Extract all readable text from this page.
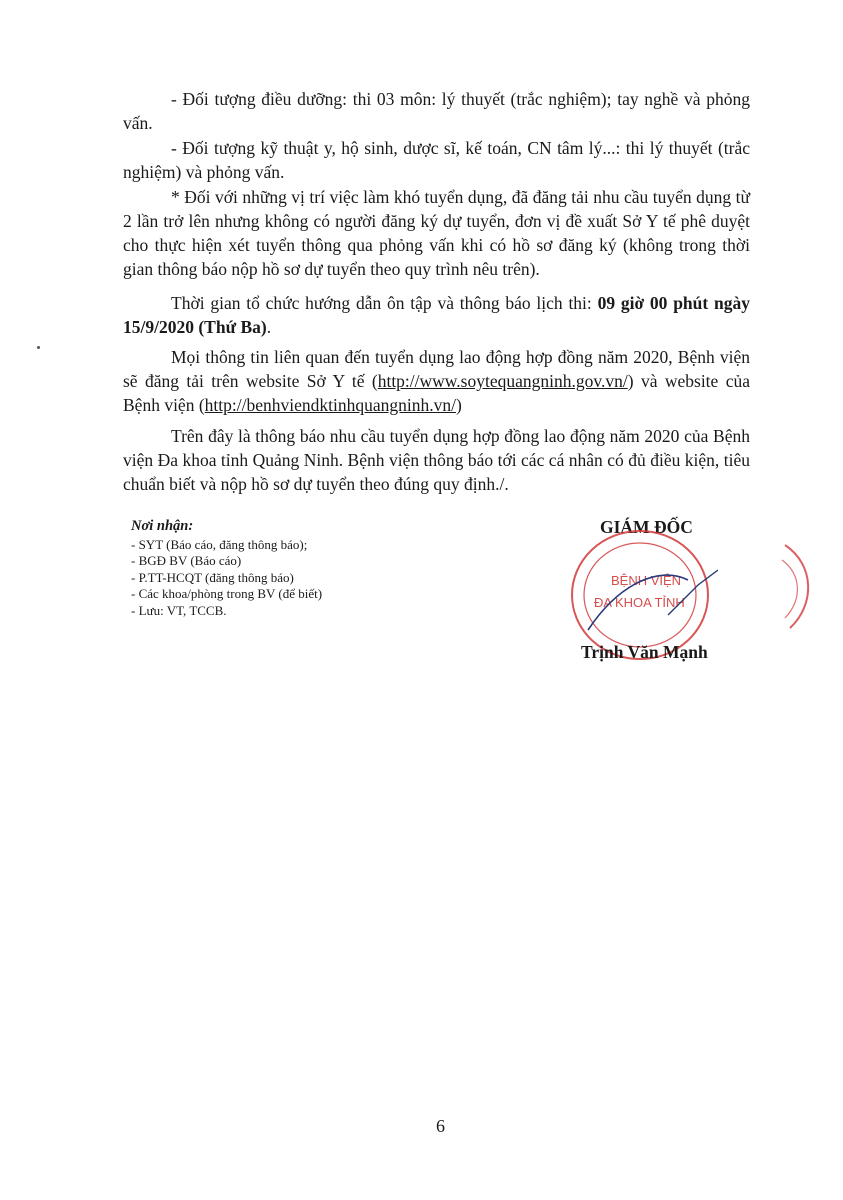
- Đối tượng điều dưỡng: thi 03 môn: lý thuyết (trắc nghiệm); tay nghề và phỏng vấn.

- Đối tượng kỹ thuật y, hộ sinh, dược sĩ, kế toán, CN tâm lý...: thi lý thuyết (trắc nghiệm) và phỏng vấn.

* Đối với những vị trí việc làm khó tuyển dụng, đã đăng tải nhu cầu tuyển dụng từ 2 lần trở lên nhưng không có người đăng ký dự tuyển, đơn vị đề xuất Sở Y tế phê duyệt cho thực hiện xét tuyển thông qua phỏng vấn khi có hồ sơ đăng ký (không trong thời gian thông báo nộp hồ sơ dự tuyển theo quy trình nêu trên).

Thời gian tổ chức hướng dẫn ôn tập và thông báo lịch thi: 09 giờ 00 phút ngày 15/9/2020 (Thứ Ba).

Mọi thông tin liên quan đến tuyển dụng lao động hợp đồng năm 2020, Bệnh viện sẽ đăng tải trên website Sở Y tế (http://www.soytequangninh.gov.vn/) và website của Bệnh viện (http://benhviendktinhquangninh.vn/)

Trên đây là thông báo nhu cầu tuyển dụng hợp đồng lao động năm 2020 của Bệnh viện Đa khoa tỉnh Quảng Ninh. Bệnh viện thông báo tới các cá nhân có đủ điều kiện, tiêu chuẩn biết và nộp hồ sơ dự tuyển theo đúng quy định./.

Nơi nhận:
- SYT (Báo cáo, đăng thông báo);
- BGĐ BV (Báo cáo)
- P.TT-HCQT (đăng thông báo)
- Các khoa/phòng trong BV (để biết)
- Lưu: VT, TCCB.
GIÁM ĐỐC
BỆNH VIỆN
ĐA KHOA TỈNH
Trịnh Văn Mạnh
6
